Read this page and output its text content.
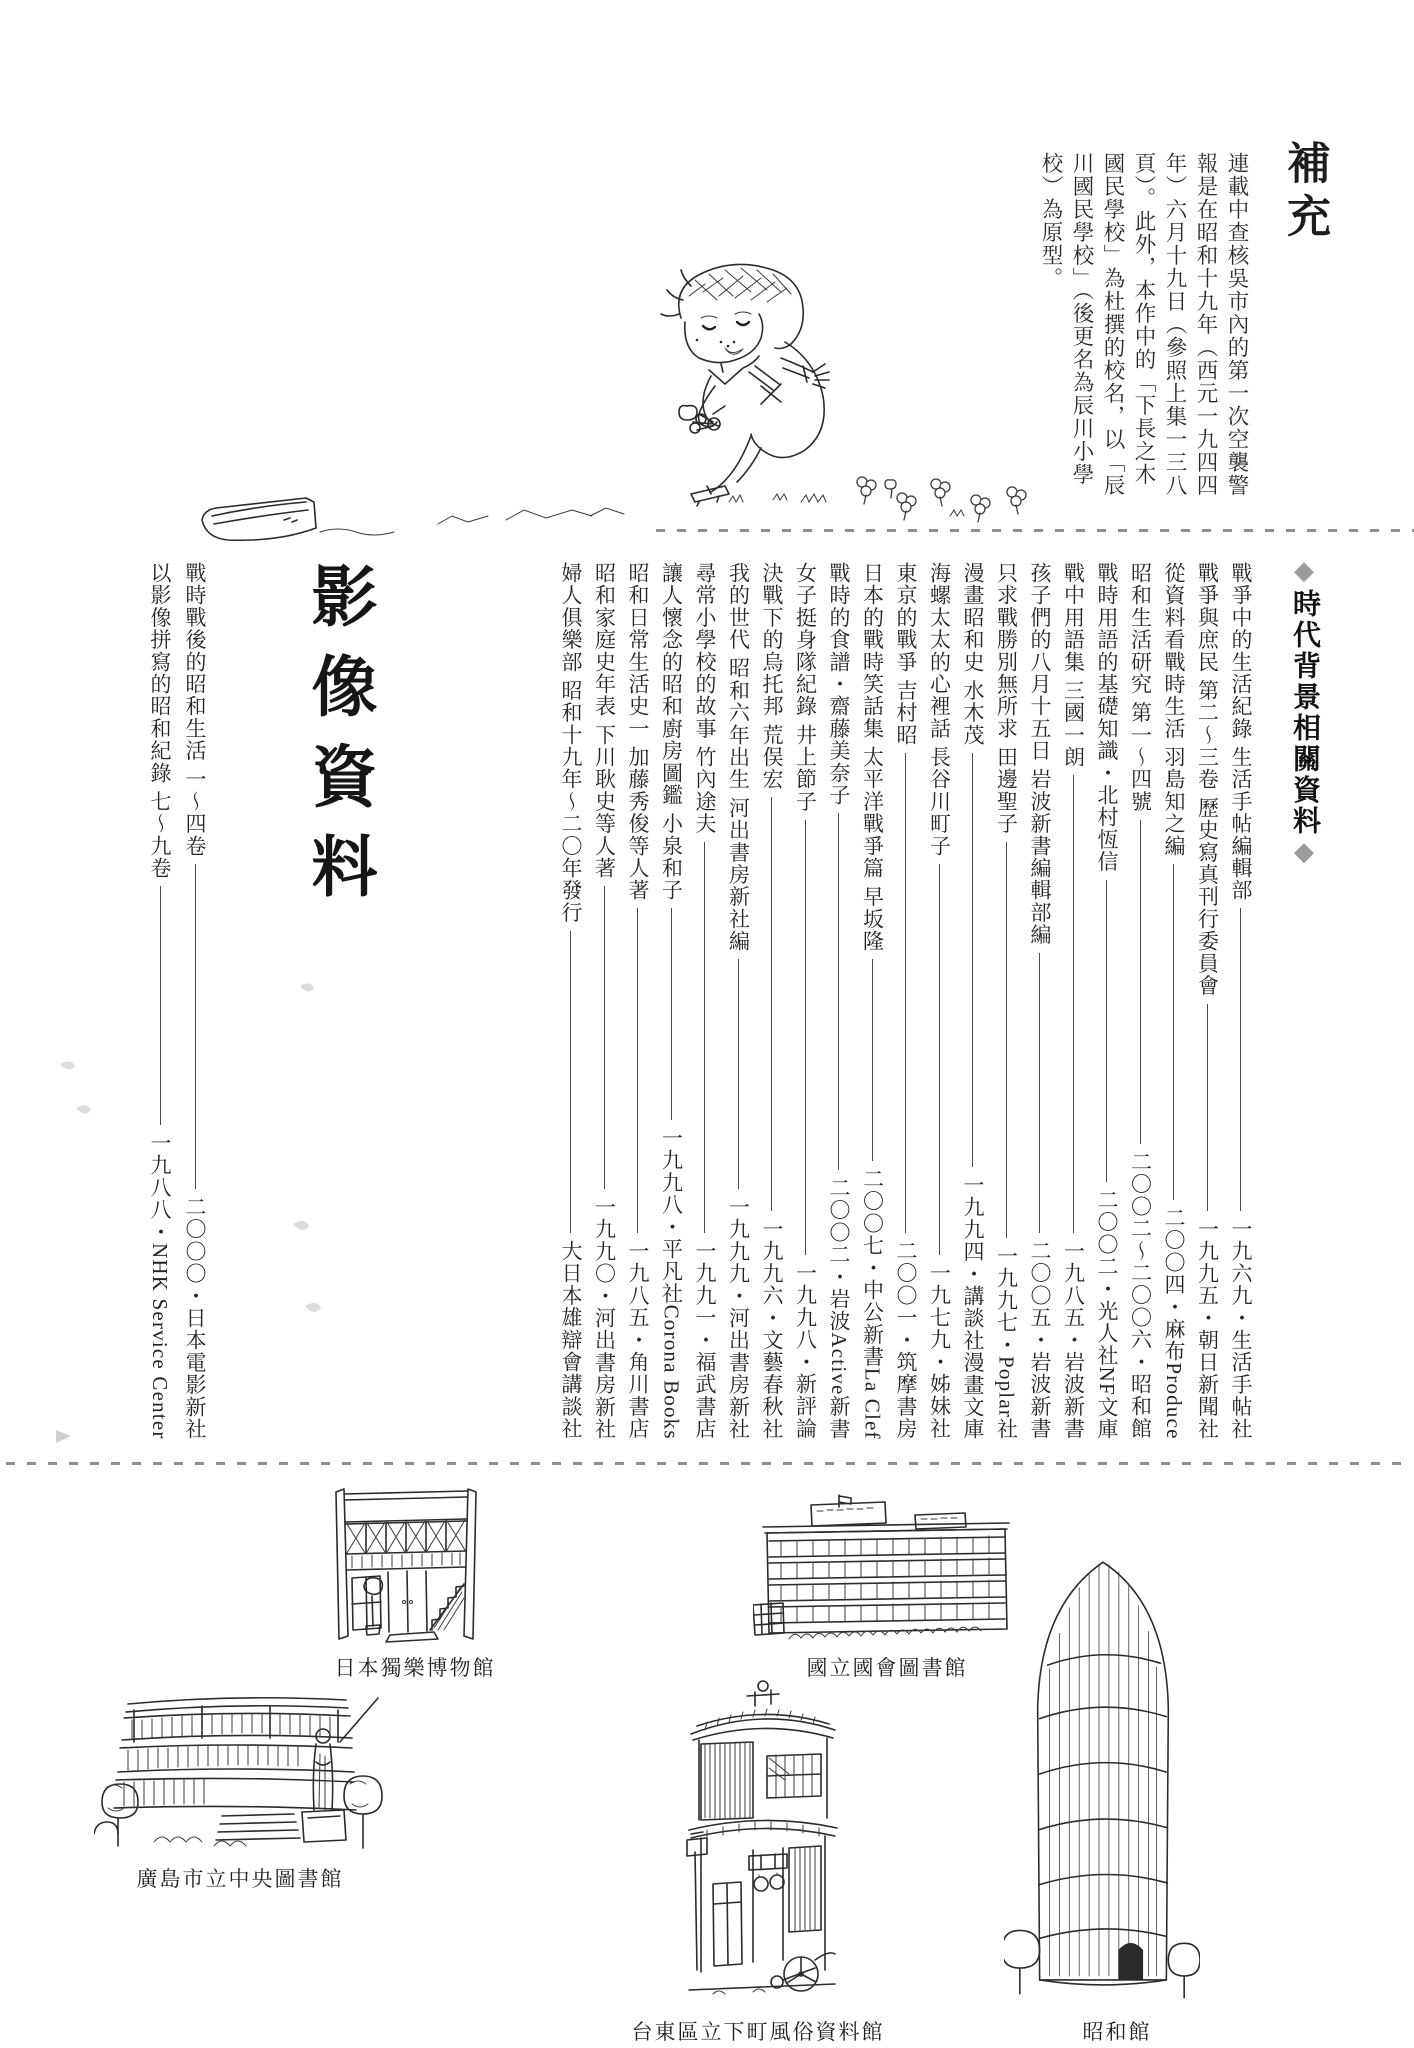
補充
連載中查核吳市內的第一次空襲警
報是在昭和十九年（西元一九四四
年）六月十九日（參照上集一三八
頁）。此外，本作中的「下長之木
國民學校」為杜撰的校名，以「辰
川國民學校」（後更名為辰川小學
校）為原型。
◆時代背景相關資料◆
戰爭中的生活紀錄 生活手帖編輯部
一九六九・生活手帖社
戰爭與庶民 第二〜三卷 歷史寫真刊行委員會
一九九五・朝日新聞社
從資料看戰時生活 羽島知之編
二〇〇四・麻布Produce
昭和生活研究 第一〜四號
二〇〇二〜二〇〇六・昭和館
戰時用語的基礎知識・北村恆信
二〇〇二・光人社NF文庫
戰中用語集 三國一朗
一九八五・岩波新書
孩子們的八月十五日 岩波新書編輯部編
二〇〇五・岩波新書
只求戰勝別無所求 田邊聖子
一九九七・Poplar社
漫畫昭和史 水木茂
一九九四・講談社漫畫文庫
海螺太太的心裡話 長谷川町子
一九七九・姊妹社
東京的戰爭 吉村昭
二〇〇一・筑摩書房
日本的戰時笑話集 太平洋戰爭篇 早坂隆
二〇〇七・中公新書La Clef
戰時的食譜・齋藤美奈子
二〇〇二・岩波Active新書
女子挺身隊紀錄 井上節子
一九九八・新評論
決戰下的烏托邦 荒俣宏
一九九六・文藝春秋社
我的世代 昭和六年出生 河出書房新社編
一九九九・河出書房新社
尋常小學校的故事 竹內途夫
一九九一・福武書店
讓人懷念的昭和廚房圖鑑 小泉和子
一九九八・平凡社Corona Books
昭和日常生活史一 加藤秀俊等人著
一九八五・角川書店
昭和家庭史年表 下川耿史等人著
一九九〇・河出書房新社
婦人俱樂部 昭和十九年〜二〇年發行
大日本雄辯會講談社
影像資料
戰時戰後的昭和生活 一〜四卷
二〇〇〇・日本電影新社
以影像拼寫的昭和紀錄 七〜九卷
一九八八・NHK Service Center
日本獨樂博物館	國立國會圖書館
廣島市立中央圖書館
台東區立下町風俗資料館	昭和館
